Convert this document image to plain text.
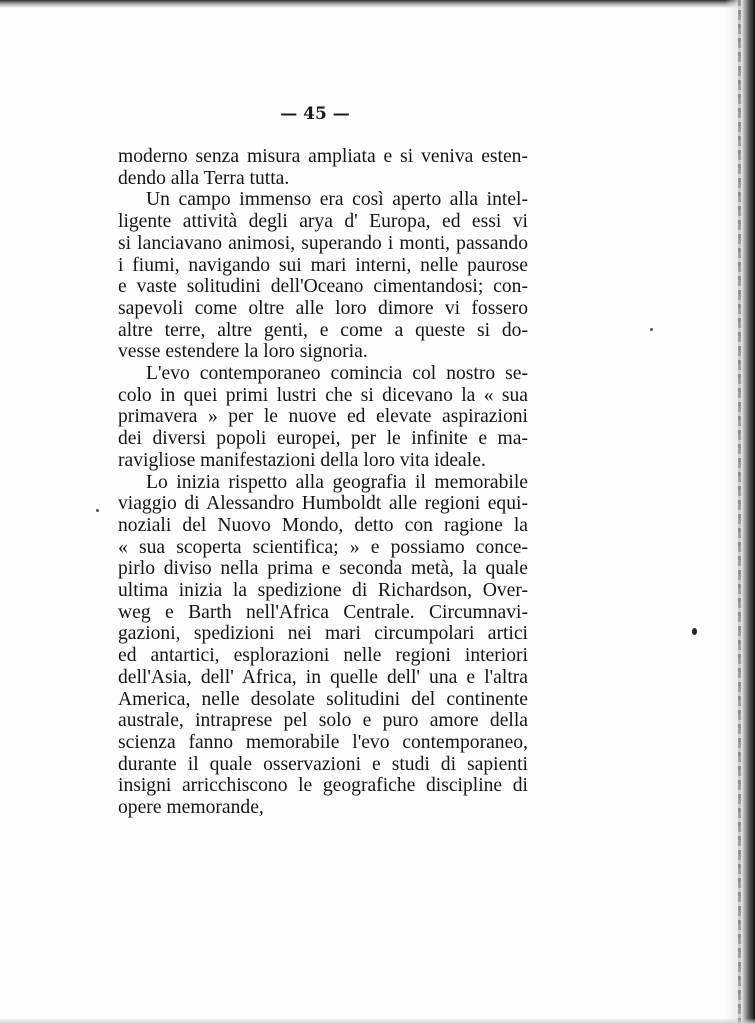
— 45 —
moderno senza misura ampliata e si veniva esten-
dendo alla Terra tutta.
Un campo immenso era così aperto alla intel-
ligente attività degli arya d' Europa, ed essi vi
si lanciavano animosi, superando i monti, passando
i fiumi, navigando sui mari interni, nelle paurose
e vaste solitudini dell'Oceano cimentandosi; con-
sapevoli come oltre alle loro dimore vi fossero
altre terre, altre genti, e come a queste si do-
vesse estendere la loro signoria.
L'evo contemporaneo comincia col nostro se-
colo in quei primi lustri che si dicevano la « sua
primavera » per le nuove ed elevate aspirazioni
dei diversi popoli europei, per le infinite e ma-
ravigliose manifestazioni della loro vita ideale.
Lo inizia rispetto alla geografia il memorabile
viaggio di Alessandro Humboldt alle regioni equi-
noziali del Nuovo Mondo, detto con ragione la
« sua scoperta scientifica; » e possiamo conce-
pirlo diviso nella prima e seconda metà, la quale
ultima inizia la spedizione di Richardson, Over-
weg e Barth nell'Africa Centrale. Circumnavi-
gazioni, spedizioni nei mari circumpolari artici
ed antartici, esplorazioni nelle regioni interiori
dell'Asia, dell' Africa, in quelle dell' una e l'altra
America, nelle desolate solitudini del continente
australe, intraprese pel solo e puro amore della
scienza fanno memorabile l'evo contemporaneo,
durante il quale osservazioni e studi di sapienti
insigni arricchiscono le geografiche discipline di
opere memorande,
